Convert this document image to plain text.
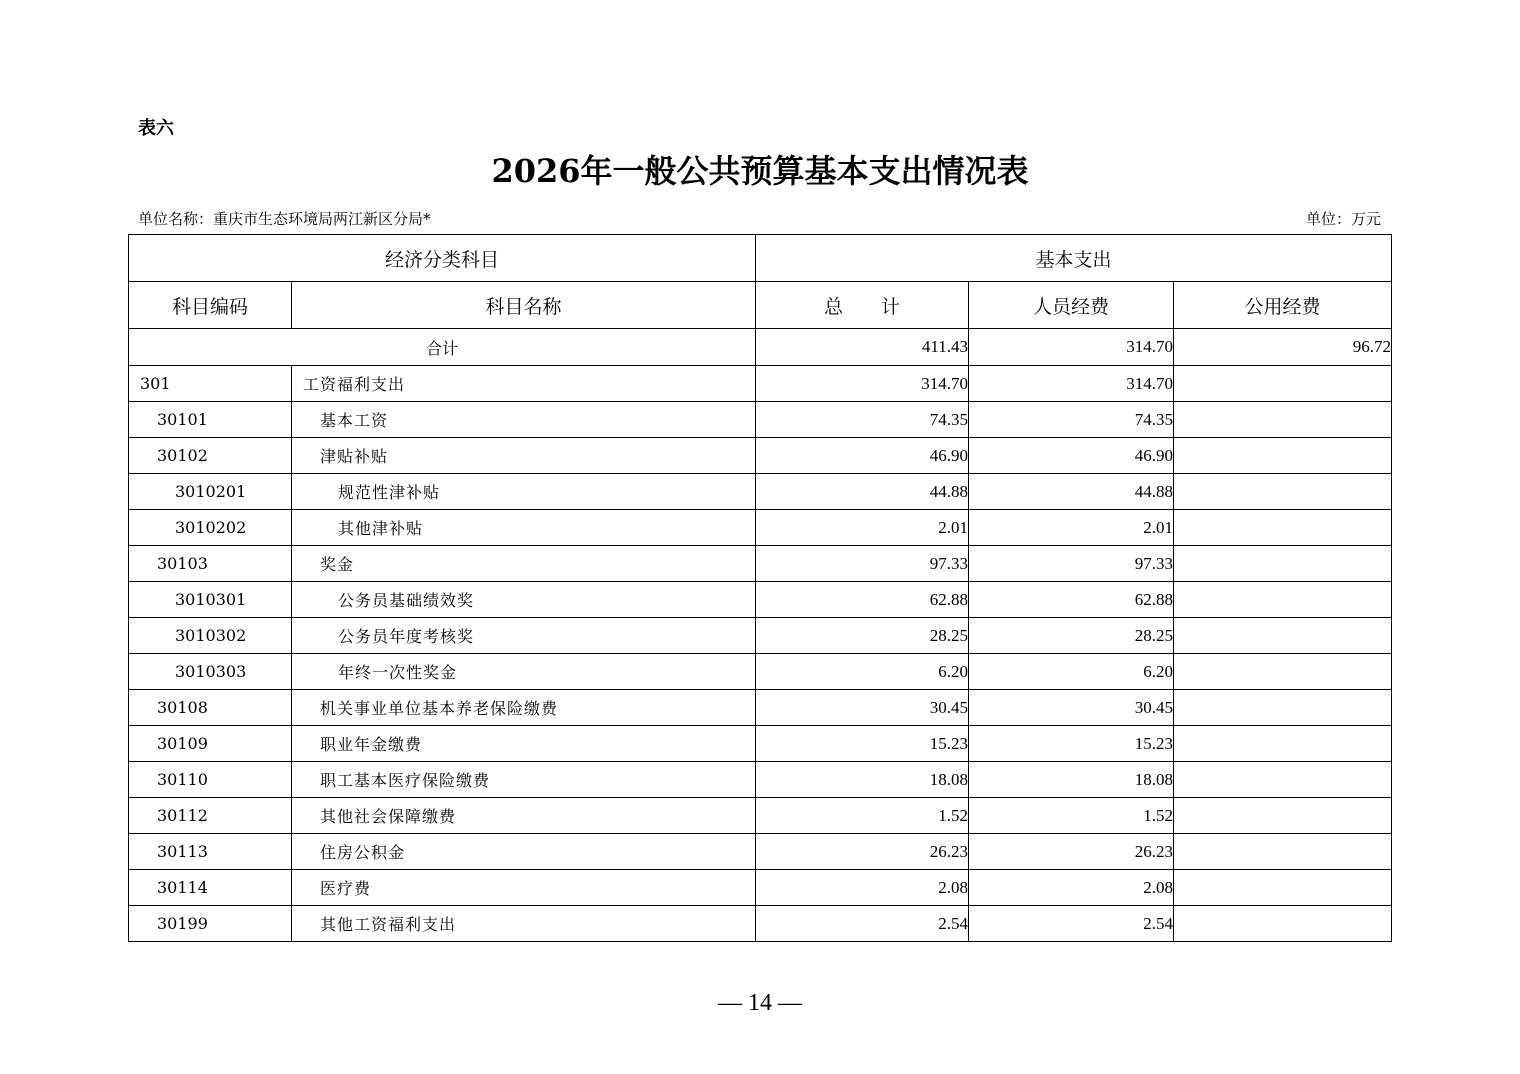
表六
2026年一般公共预算基本支出情况表
单位名称：重庆市生态环境局两江新区分局*	单位：万元
经济分类科目		基本支出		
科目编码	科目名称	总　　计	人员经费	公用经费
合计		411.43	314.70	96.72
301	工资福利支出	314.70	314.70	
30101	基本工资	74.35	74.35	
30102	津贴补贴	46.90	46.90	
3010201	规范性津补贴	44.88	44.88	
3010202	其他津补贴	2.01	2.01	
30103	奖金	97.33	97.33	
3010301	公务员基础绩效奖	62.88	62.88	
3010302	公务员年度考核奖	28.25	28.25	
3010303	年终一次性奖金	6.20	6.20	
30108	机关事业单位基本养老保险缴费	30.45	30.45	
30109	职业年金缴费	15.23	15.23	
30110	职工基本医疗保险缴费	18.08	18.08	
30112	其他社会保障缴费	1.52	1.52	
30113	住房公积金	26.23	26.23	
30114	医疗费	2.08	2.08	
30199	其他工资福利支出	2.54	2.54	
— 14 —
